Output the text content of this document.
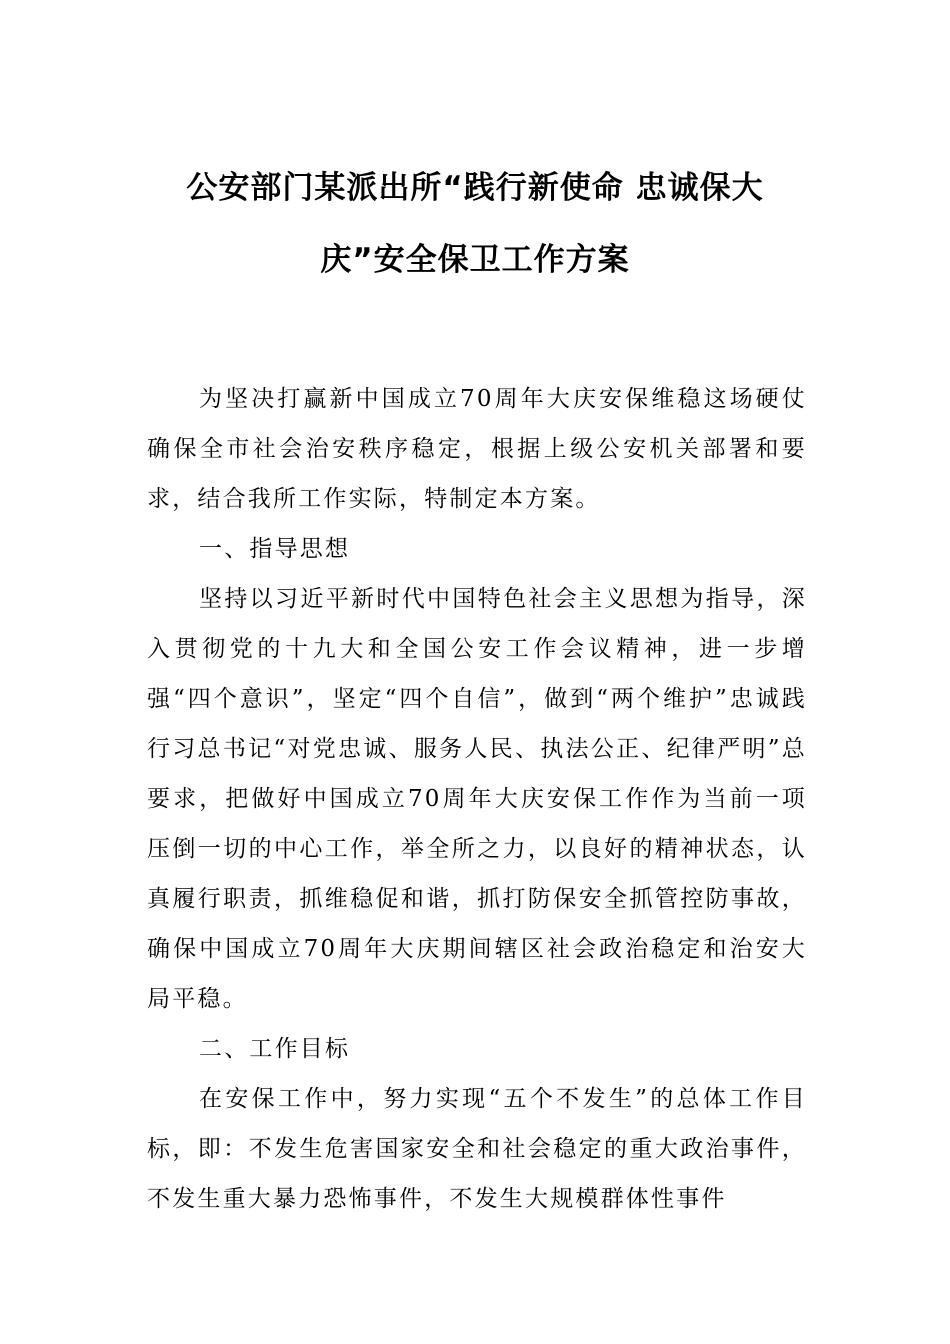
公安部门某派出所“践行新使命 忠诚保大
庆”安全保卫工作方案

为坚决打赢新中国成立70周年大庆安保维稳这场硬仗确保全市社会治安秩序稳定，根据上级公安机关部署和要求，结合我所工作实际，特制定本方案。

一、指导思想

坚持以习近平新时代中国特色社会主义思想为指导，深入贯彻党的十九大和全国公安工作会议精神，进一步增强“四个意识”，坚定“四个自信”，做到“两个维护”忠诚践行习总书记“对党忠诚、服务人民、执法公正、纪律严明”总要求，把做好中国成立70周年大庆安保工作作为当前一项压倒一切的中心工作，举全所之力，以良好的精神状态，认真履行职责，抓维稳促和谐，抓打防保安全抓管控防事故，确保中国成立70周年大庆期间辖区社会政治稳定和治安大局平稳。

二、工作目标

在安保工作中，努力实现“五个不发生”的总体工作目标，即：不发生危害国家安全和社会稳定的重大政治事件，不发生重大暴力恐怖事件，不发生大规模群体性事件
